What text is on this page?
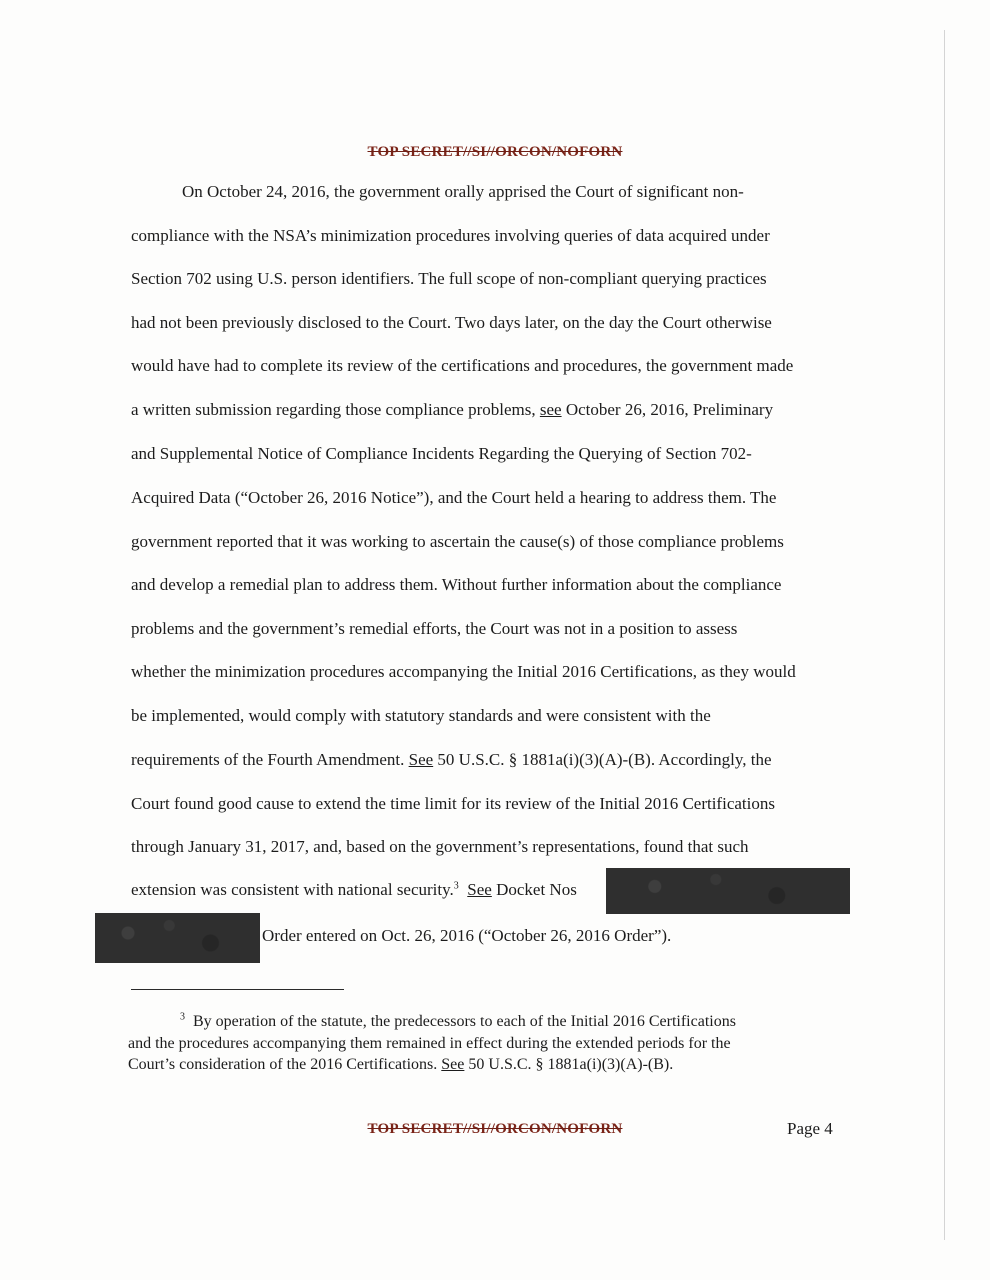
TOP SECRET//SI//ORCON/NOFORN
On October 24, 2016, the government orally apprised the Court of significant non-
compliance with the NSA’s minimization procedures involving queries of data acquired under
Section 702 using U.S. person identifiers. The full scope of non-compliant querying practices
had not been previously disclosed to the Court. Two days later, on the day the Court otherwise
would have had to complete its review of the certifications and procedures, the government made
a written submission regarding those compliance problems, see October 26, 2016, Preliminary
and Supplemental Notice of Compliance Incidents Regarding the Querying of Section 702-
Acquired Data (“October 26, 2016 Notice”), and the Court held a hearing to address them. The
government reported that it was working to ascertain the cause(s) of those compliance problems
and develop a remedial plan to address them. Without further information about the compliance
problems and the government’s remedial efforts, the Court was not in a position to assess
whether the minimization procedures accompanying the Initial 2016 Certifications, as they would
be implemented, would comply with statutory standards and were consistent with the
requirements of the Fourth Amendment. See 50 U.S.C. § 1881a(i)(3)(A)-(B). Accordingly, the
Court found good cause to extend the time limit for its review of the Initial 2016 Certifications
through January 31, 2017, and, based on the government’s representations, found that such
extension was consistent with national security.$^3$ See Docket Nos
Order entered on Oct. 26, 2016 (“October 26, 2016 Order”).
$^3$ By operation of the statute, the predecessors to each of the Initial 2016 Certifications
and the procedures accompanying them remained in effect during the extended periods for the
Court’s consideration of the 2016 Certifications. See 50 U.S.C. § 1881a(i)(3)(A)-(B).
TOP SECRET//SI//ORCON/NOFORN	Page 4
